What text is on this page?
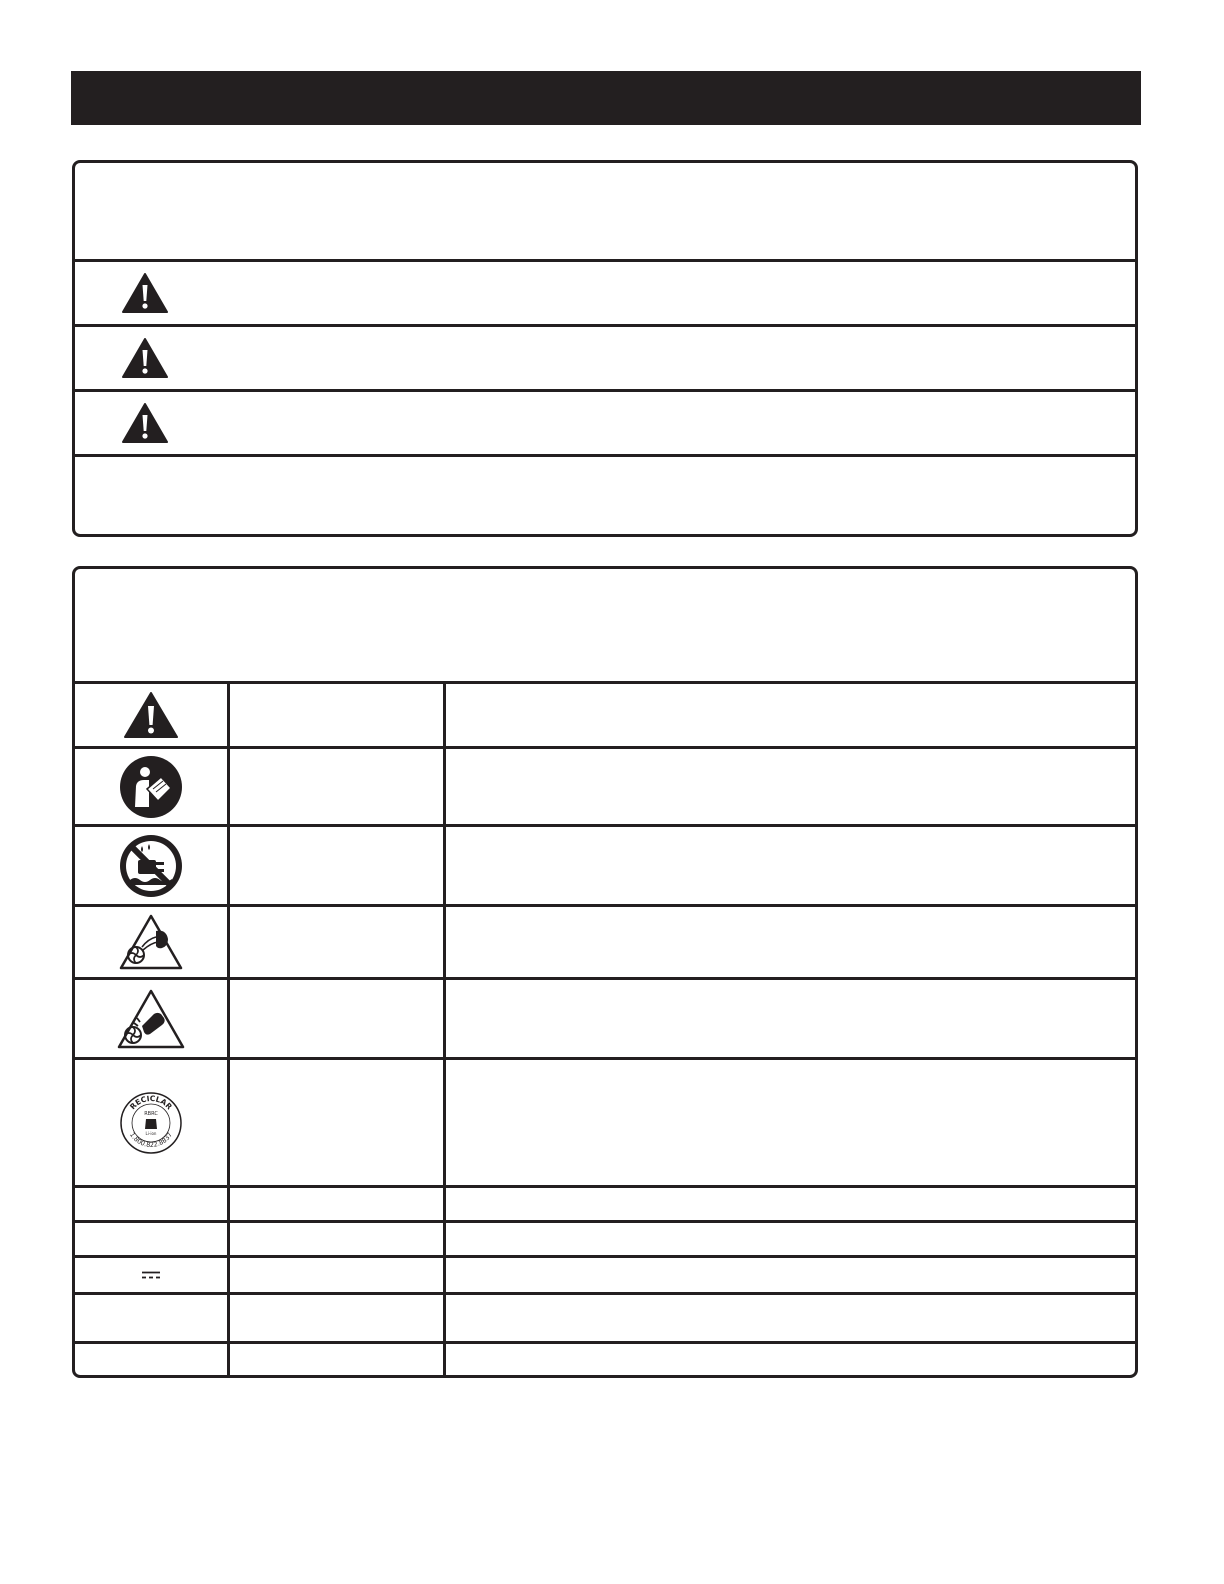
RECICLAR
1.800.822.8837
RBRC
Li-ion
